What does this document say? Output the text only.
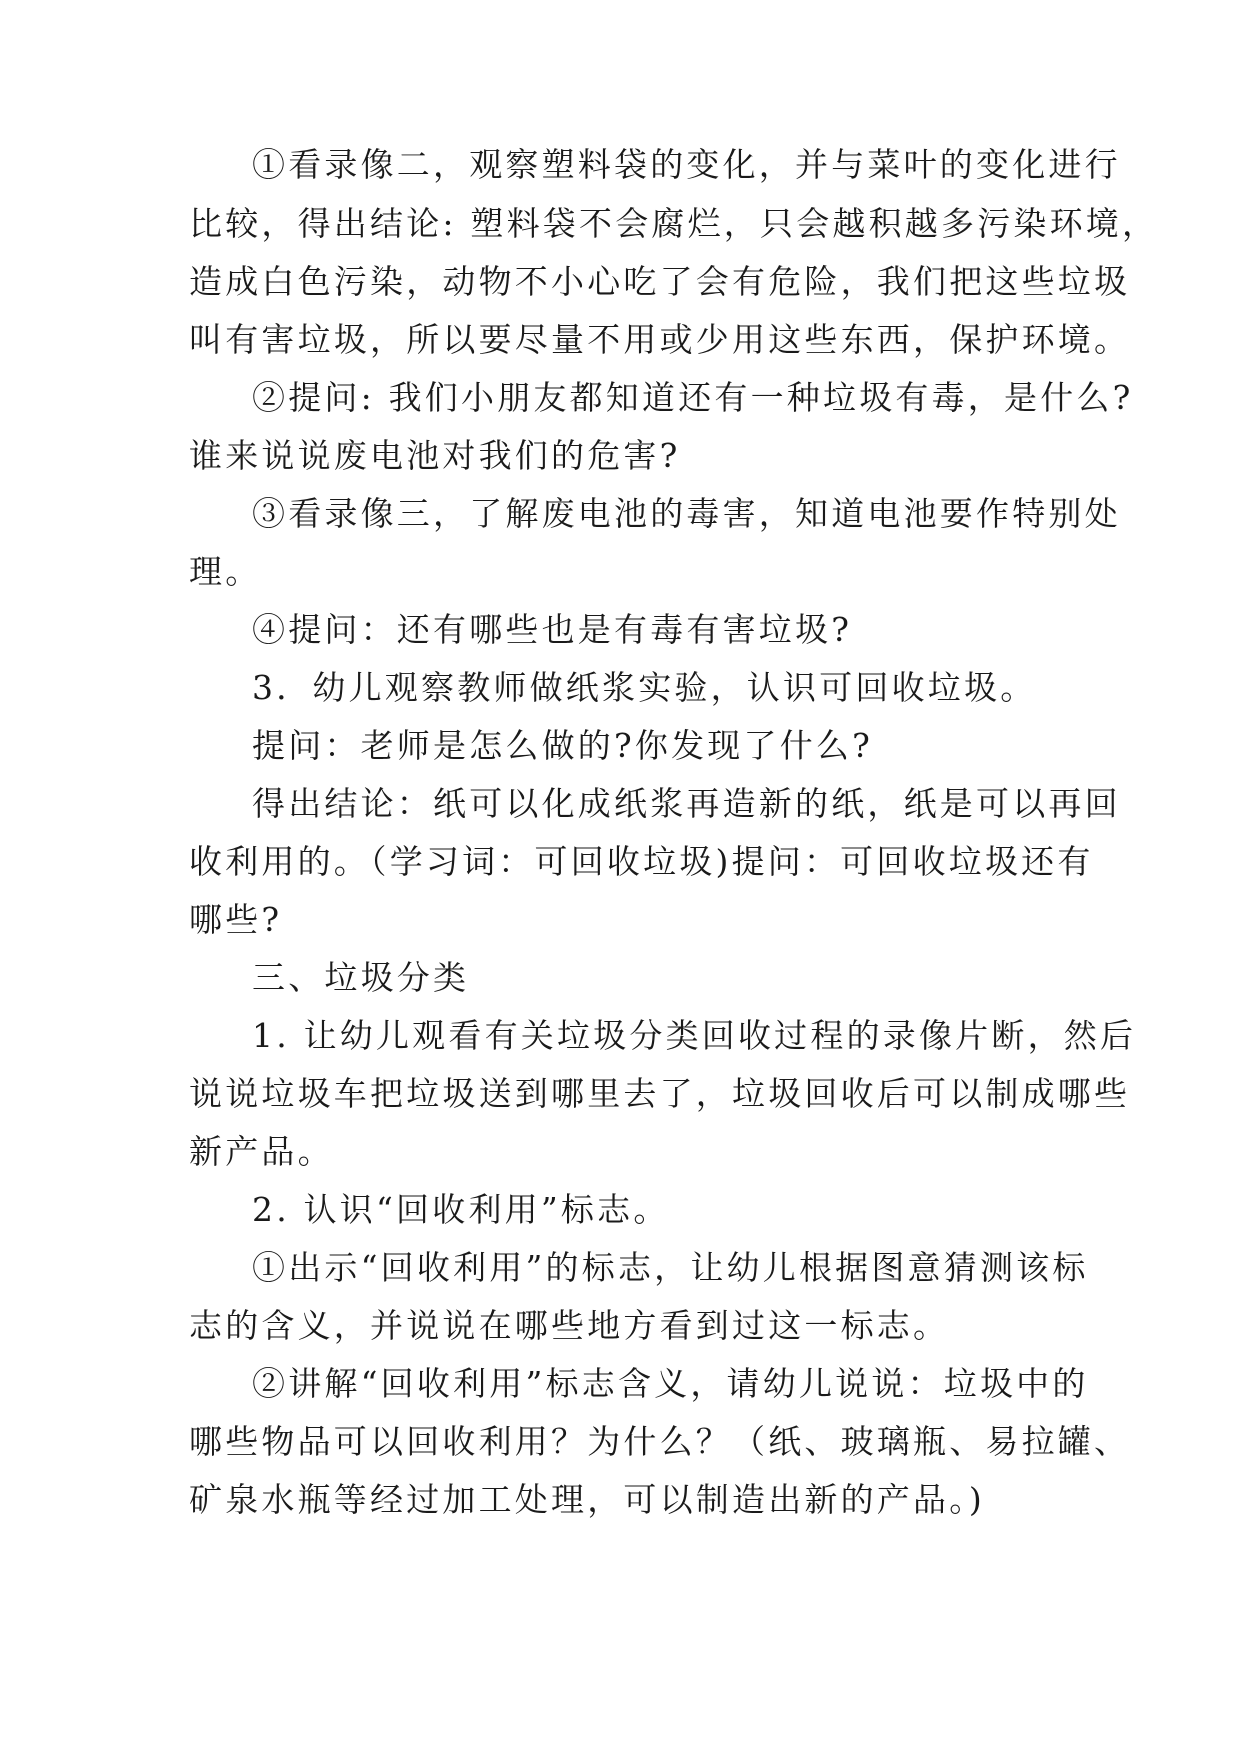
①看录像二，观察塑料袋的变化，并与菜叶的变化进行
比较，得出结论: 塑料袋不会腐烂，只会越积越多污染环境，
造成白色污染，动物不小心吃了会有危险，我们把这些垃圾
叫有害垃圾，所以要尽量不用或少用这些东西，保护环境。
②提问: 我们小朋友都知道还有一种垃圾有毒，是什么?
谁来说说废电池对我们的危害?
③看录像三，了解废电池的毒害，知道电池要作特别处
理。
④提问：还有哪些也是有毒有害垃圾?
3．幼儿观察教师做纸浆实验，认识可回收垃圾。
提问：老师是怎么做的?你发现了什么?
得出结论：纸可以化成纸浆再造新的纸，纸是可以再回
收利用的。（学习词：可回收垃圾)提问：可回收垃圾还有
哪些?
三、垃圾分类
1. 让幼儿观看有关垃圾分类回收过程的录像片断，然后
说说垃圾车把垃圾送到哪里去了，垃圾回收后可以制成哪些
新产品。
2. 认识“回收利用”标志。
①出示“回收利用”的标志，让幼儿根据图意猜测该标
志的含义，并说说在哪些地方看到过这一标志。
②讲解“回收利用”标志含义，请幼儿说说：垃圾中的
哪些物品可以回收利用？为什么？（纸、玻璃瓶、易拉罐、
矿泉水瓶等经过加工处理，可以制造出新的产品。)
